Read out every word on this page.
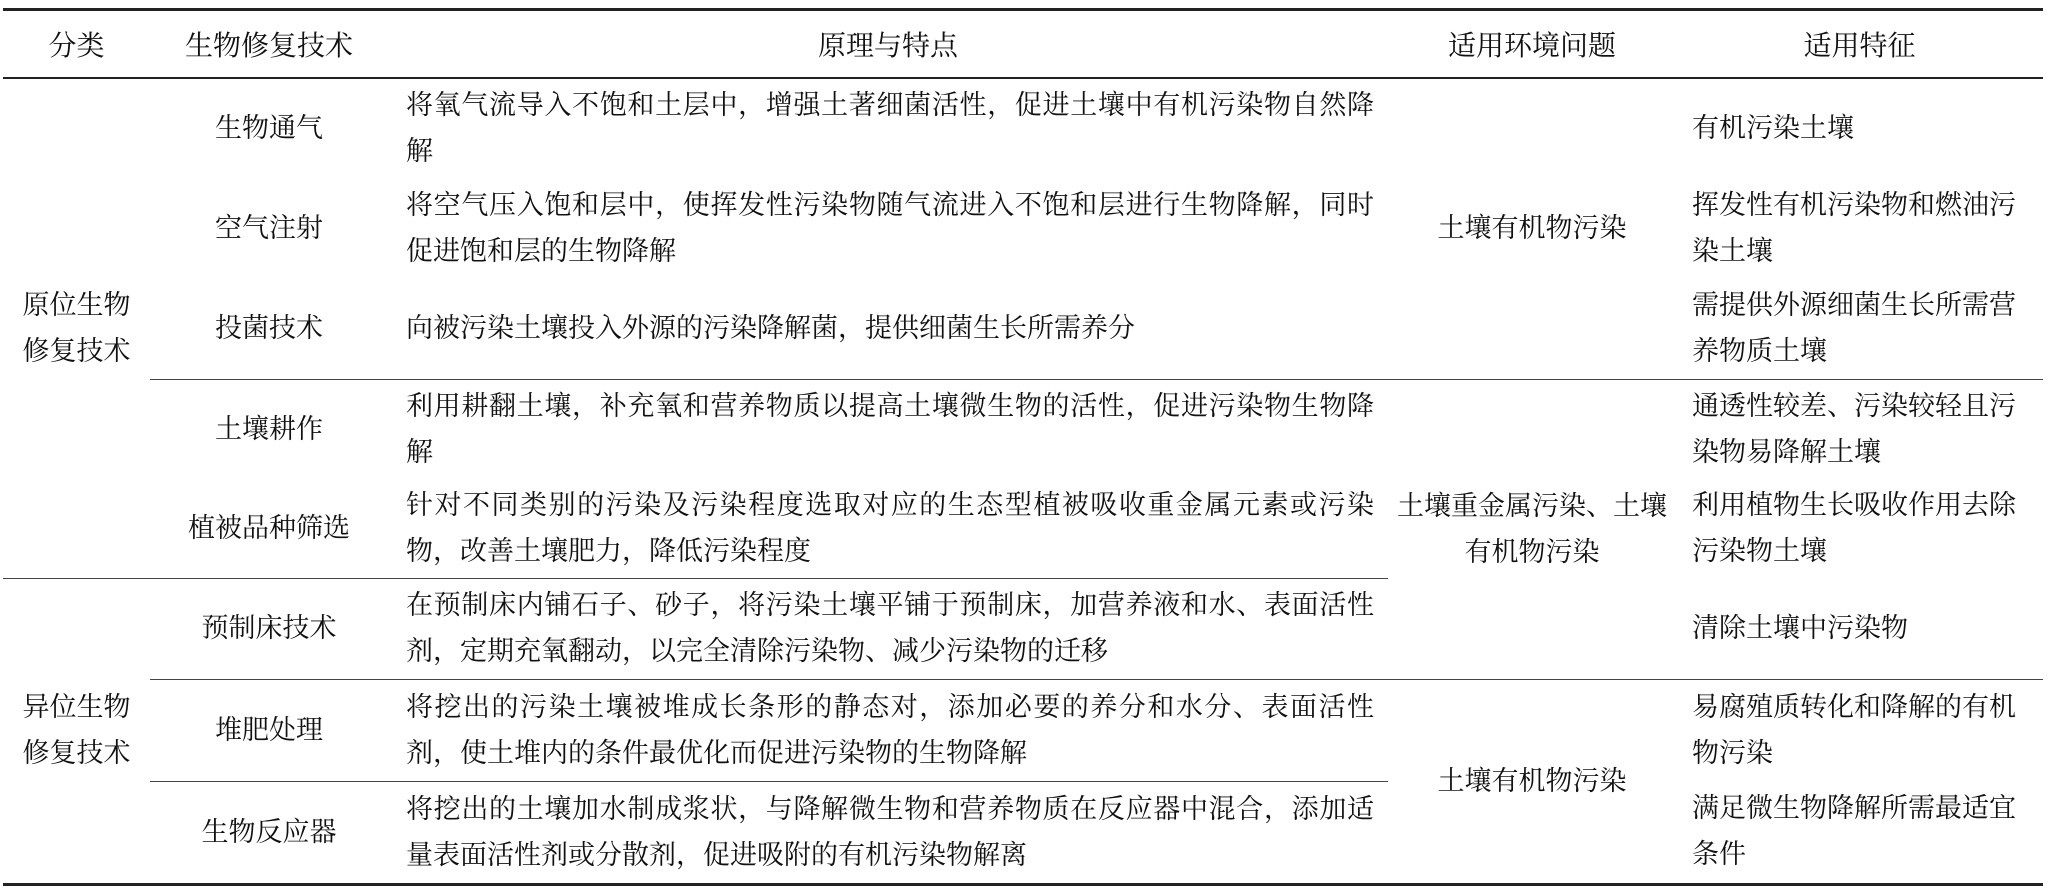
分类	生物修复技术	原理与特点	适用环境问题	适用特征
原位生物修复技术	生物通气	将氧气流导入不饱和土层中，增强土著细菌活性，促进土壤中有机污染物自然降解	土壤有机物污染	有机污染土壤
	空气注射	将空气压入饱和层中，使挥发性污染物随气流进入不饱和层进行生物降解，同时促进饱和层的生物降解		挥发性有机污染物和燃油污染土壤
	投菌技术	向被污染土壤投入外源的污染降解菌，提供细菌生长所需养分		需提供外源细菌生长所需营养物质土壤
	土壤耕作	利用耕翻土壤，补充氧和营养物质以提高土壤微生物的活性，促进污染物生物降解	土壤重金属污染、土壤有机物污染	通透性较差、污染较轻且污染物易降解土壤
	植被品种筛选	针对不同类别的污染及污染程度选取对应的生态型植被吸收重金属元素或污染物，改善土壤肥力，降低污染程度		利用植物生长吸收作用去除污染物土壤
异位生物修复技术	预制床技术	在预制床内铺石子、砂子，将污染土壤平铺于预制床，加营养液和水、表面活性剂，定期充氧翻动，以完全清除污染物、减少污染物的迁移		清除土壤中污染物
	堆肥处理	将挖出的污染土壤被堆成长条形的静态对，添加必要的养分和水分、表面活性剂，使土堆内的条件最优化而促进污染物的生物降解	土壤有机物污染	易腐殖质转化和降解的有机物污染
	生物反应器	将挖出的土壤加水制成浆状，与降解微生物和营养物质在反应器中混合，添加适量表面活性剂或分散剂，促进吸附的有机污染物解离		满足微生物降解所需最适宜条件
